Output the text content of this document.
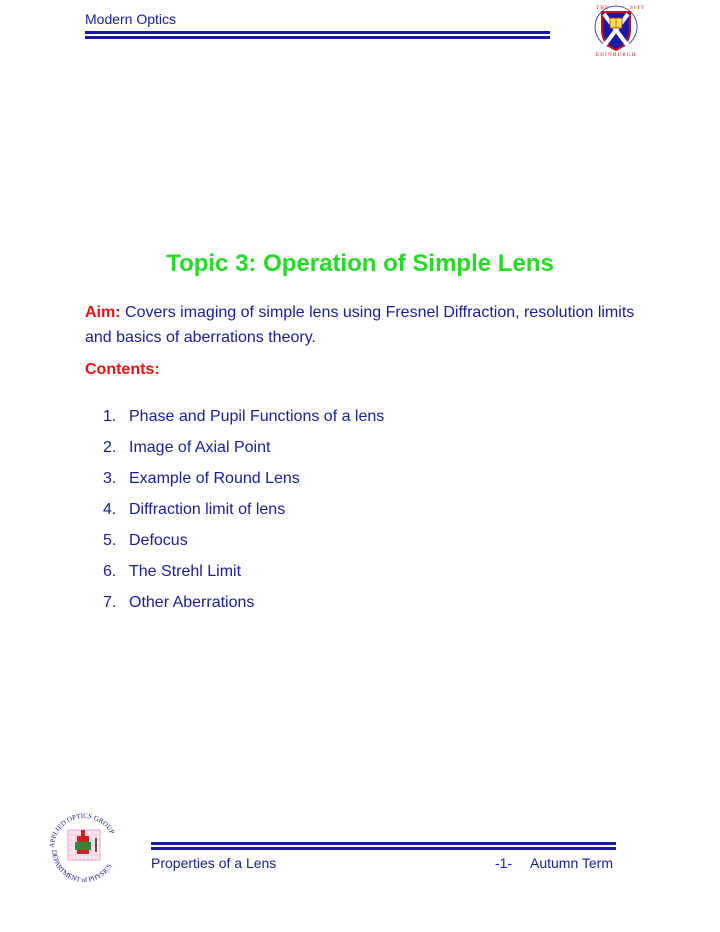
Modern Optics
T H E	S I T Y
E D I N B U R G H
Topic 3: Operation of Simple Lens
Aim: Covers imaging of simple lens using Fresnel Diffraction, resolution limits and basics of aberrations theory.
Contents:
1. Phase and Pupil Functions of a lens
2. Image of Axial Point
3. Example of Round Lens
4. Diffraction limit of lens
5. Defocus
6. The Strehl Limit
7. Other Aberrations
APPLIED OPTICS GROUP
DEPARTMENT of PHYSICS	Properties of a Lens	-1- Autumn Term
